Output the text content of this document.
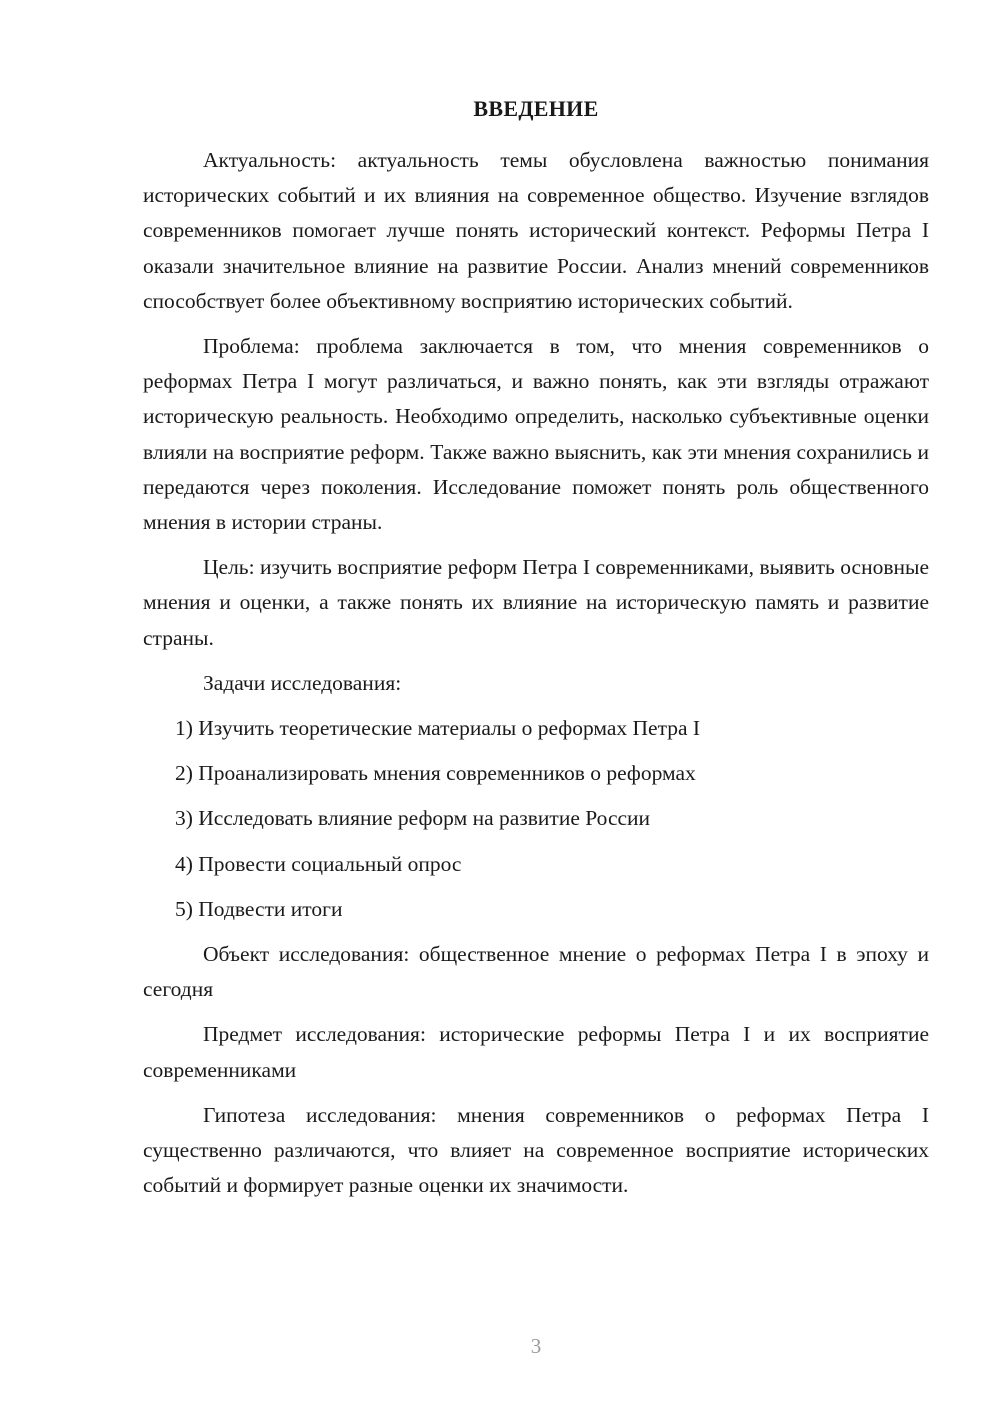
ВВЕДЕНИЕ

Актуальность: актуальность темы обусловлена важностью понимания исторических событий и их влияния на современное общество. Изучение взглядов современников помогает лучше понять исторический контекст. Реформы Петра I оказали значительное влияние на развитие России. Анализ мнений современников способствует более объективному восприятию исторических событий.

Проблема: проблема заключается в том, что мнения современников о реформах Петра I могут различаться, и важно понять, как эти взгляды отражают историческую реальность. Необходимо определить, насколько субъективные оценки влияли на восприятие реформ. Также важно выяснить, как эти мнения сохранились и передаются через поколения. Исследование поможет понять роль общественного мнения в истории страны.

Цель: изучить восприятие реформ Петра I современниками, выявить основные мнения и оценки, а также понять их влияние на историческую память и развитие страны.

Задачи исследования:

1) Изучить теоретические материалы о реформах Петра I
2) Проанализировать мнения современников о реформах
3) Исследовать влияние реформ на развитие России
4) Провести социальный опрос
5) Подвести итоги

Объект исследования: общественное мнение о реформах Петра I в эпоху и сегодня

Предмет исследования: исторические реформы Петра I и их восприятие современниками

Гипотеза исследования: мнения современников о реформах Петра I существенно различаются, что влияет на современное восприятие исторических событий и формирует разные оценки их значимости.

3
